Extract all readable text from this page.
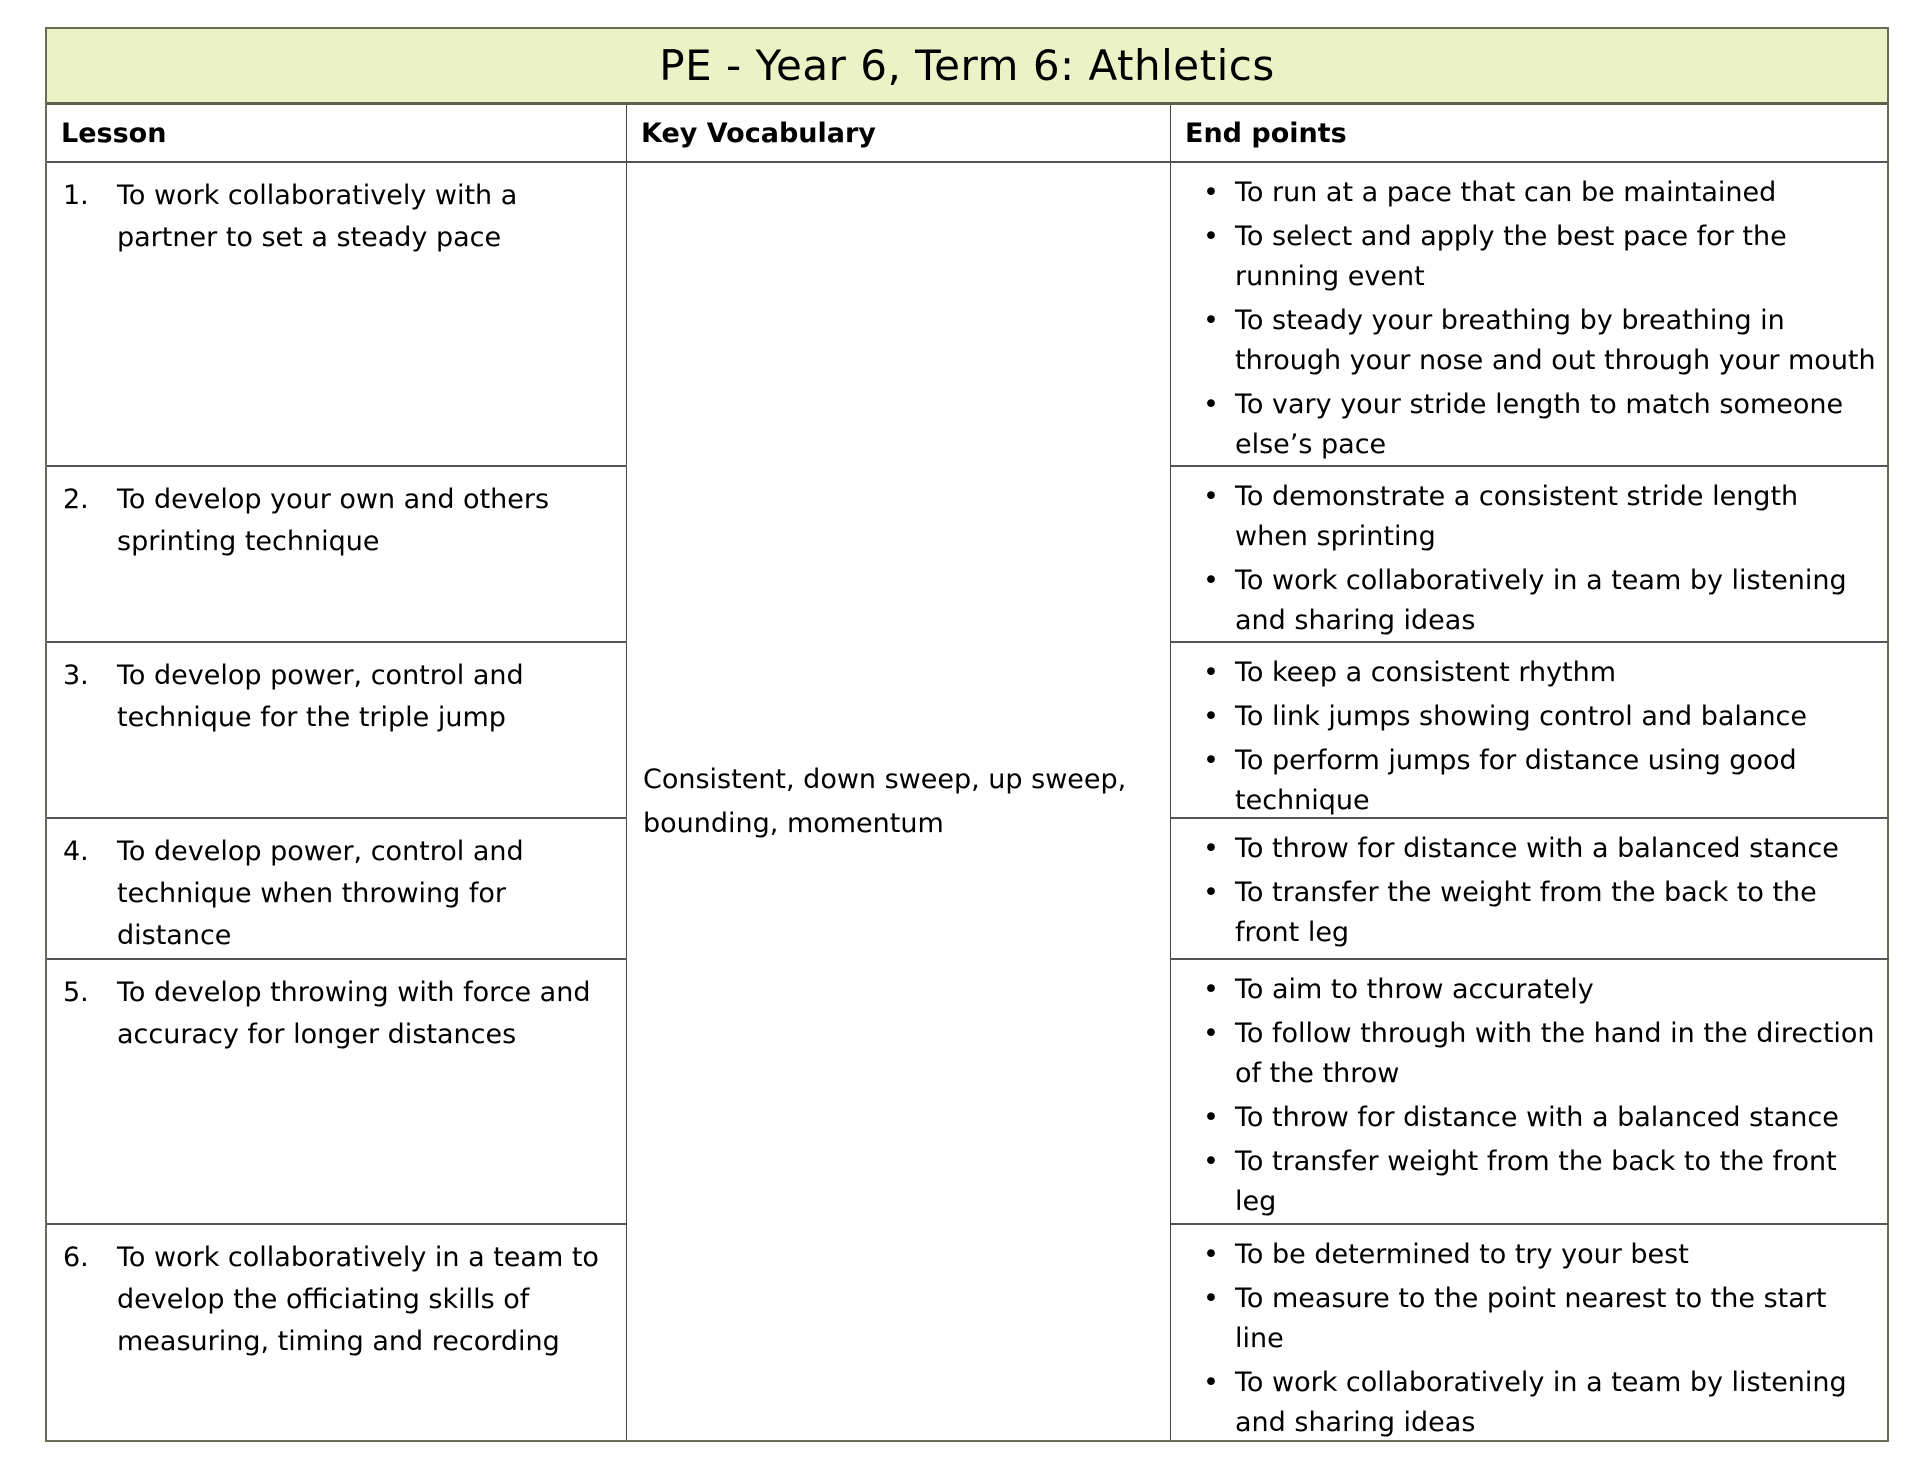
PE - Year 6, Term 6: Athletics
Lesson	Key Vocabulary	End points
Consistent, down sweep, up sweep, bounding, momentum
1.	To work collaboratively with a partner to set a steady pace
• To run at a pace that can be maintained
• To select and apply the best pace for the running event
• To steady your breathing by breathing in through your nose and out through your mouth
• To vary your stride length to match someone else’s pace
2.	To develop your own and others sprinting technique
• To demonstrate a consistent stride length when sprinting
• To work collaboratively in a team by listening and sharing ideas
3.	To develop power, control and technique for the triple jump
• To keep a consistent rhythm
• To link jumps showing control and balance
• To perform jumps for distance using good technique
4.	To develop power, control and technique when throwing for distance
• To throw for distance with a balanced stance
• To transfer the weight from the back to the front leg
5.	To develop throwing with force and accuracy for longer distances
• To aim to throw accurately
• To follow through with the hand in the direction of the throw
• To throw for distance with a balanced stance
• To transfer weight from the back to the front leg
6.	To work collaboratively in a team to develop the officiating skills of measuring, timing and recording
• To be determined to try your best
• To measure to the point nearest to the start line
• To work collaboratively in a team by listening and sharing ideas
